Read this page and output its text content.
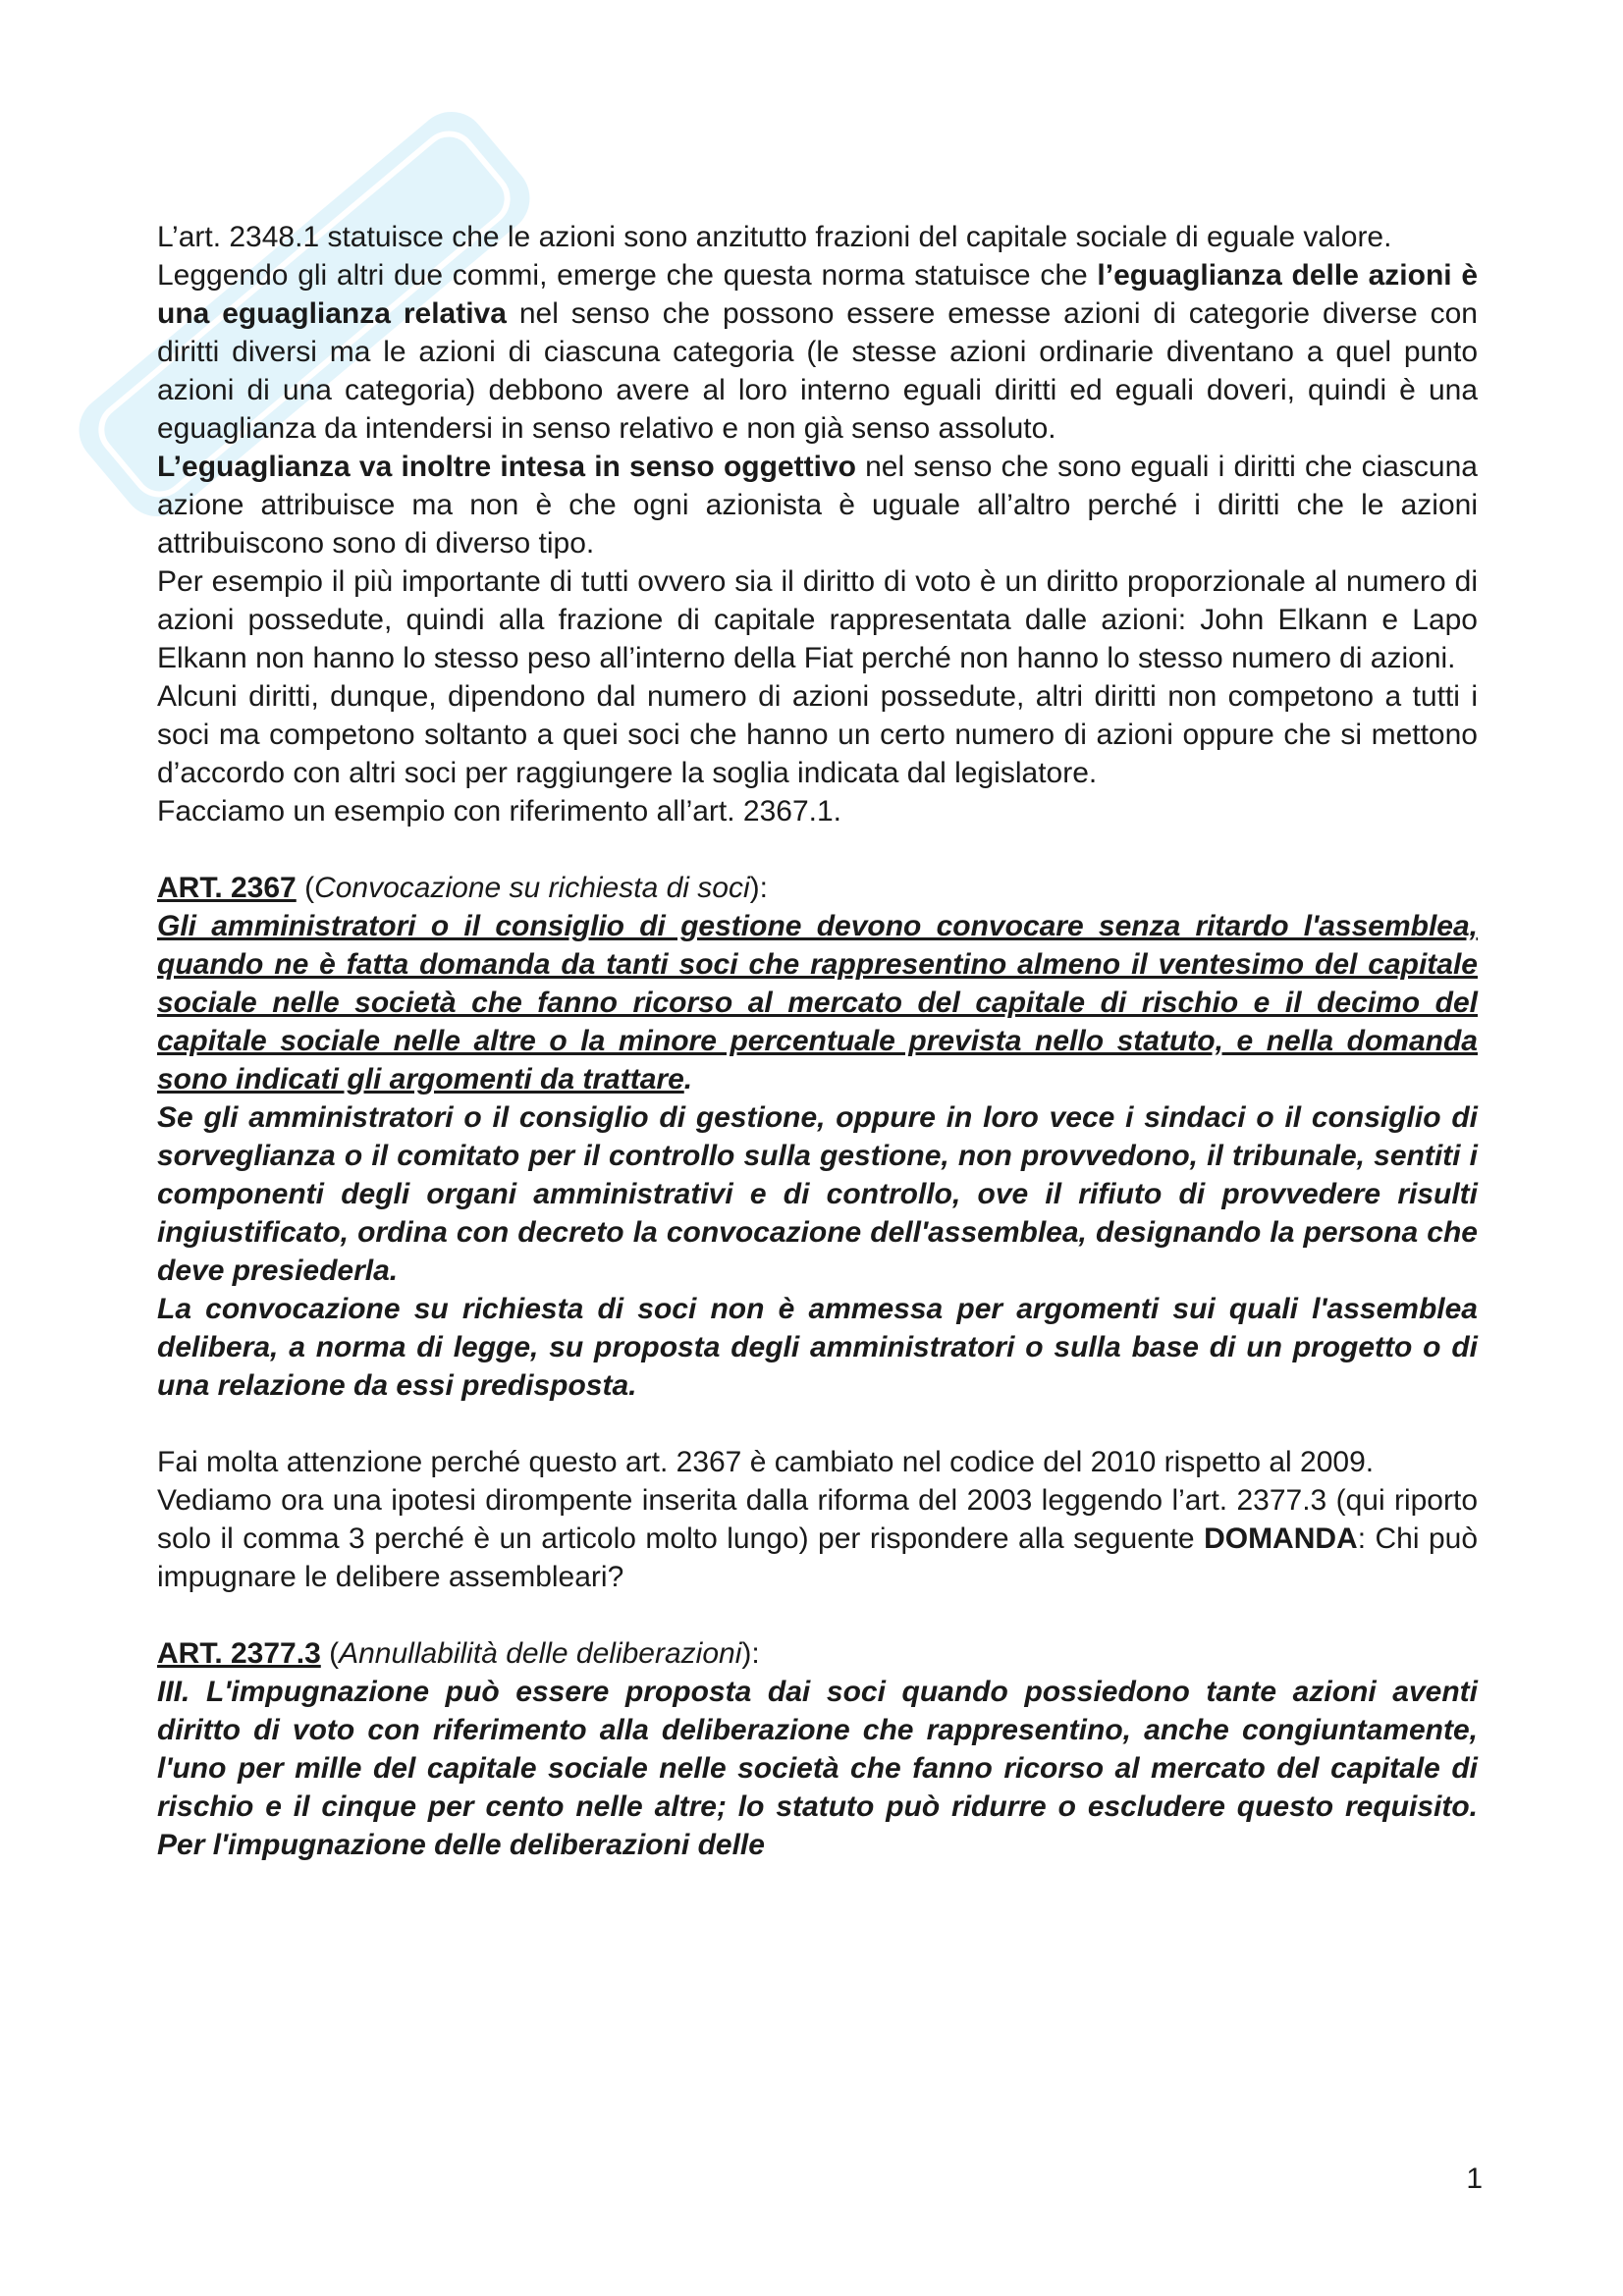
L’art. 2348.1 statuisce che le azioni sono anzitutto frazioni del capitale sociale di eguale valore.

Leggendo gli altri due commi, emerge che questa norma statuisce che l’eguaglianza delle azioni è una eguaglianza relativa nel senso che possono essere emesse azioni di categorie diverse con diritti diversi ma le azioni di ciascuna categoria (le stesse azioni ordinarie diventano a quel punto azioni di una categoria) debbono avere al loro interno eguali diritti ed eguali doveri, quindi è una eguaglianza da intendersi in senso relativo e non già senso assoluto.

L’eguaglianza va inoltre intesa in senso oggettivo nel senso che sono eguali i diritti che ciascuna azione attribuisce ma non è che ogni azionista è uguale all’altro perché i diritti che le azioni attribuiscono sono di diverso tipo.

Per esempio il più importante di tutti ovvero sia il diritto di voto è un diritto proporzionale al numero di azioni possedute, quindi alla frazione di capitale rappresentata dalle azioni: John Elkann e Lapo Elkann non hanno lo stesso peso all’interno della Fiat perché non hanno lo stesso numero di azioni.

Alcuni diritti, dunque, dipendono dal numero di azioni possedute, altri diritti non competono a tutti i soci ma competono soltanto a quei soci che hanno un certo numero di azioni oppure che si mettono d’accordo con altri soci per raggiungere la soglia indicata dal legislatore.

Facciamo un esempio con riferimento all’art. 2367.1.

ART. 2367 (Convocazione su richiesta di soci):

Gli amministratori o il consiglio di gestione devono convocare senza ritardo l'assemblea, quando ne è fatta domanda da tanti soci che rappresentino almeno il ventesimo del capitale sociale nelle società che fanno ricorso al mercato del capitale di rischio e il decimo del capitale sociale nelle altre o la minore percentuale prevista nello statuto, e nella domanda sono indicati gli argomenti da trattare.

Se gli amministratori o il consiglio di gestione, oppure in loro vece i sindaci o il consiglio di sorveglianza o il comitato per il controllo sulla gestione, non provvedono, il tribunale, sentiti i componenti degli organi amministrativi e di controllo, ove il rifiuto di provvedere risulti ingiustificato, ordina con decreto la convocazione dell'assemblea, designando la persona che deve presiederla.

La convocazione su richiesta di soci non è ammessa per argomenti sui quali l'assemblea delibera, a norma di legge, su proposta degli amministratori o sulla base di un progetto o di una relazione da essi predisposta.

Fai molta attenzione perché questo art. 2367 è cambiato nel codice del 2010 rispetto al 2009.

Vediamo ora una ipotesi dirompente inserita dalla riforma del 2003 leggendo l’art. 2377.3 (qui riporto solo il comma 3 perché è un articolo molto lungo) per rispondere alla seguente DOMANDA: Chi può impugnare le delibere assembleari?

ART. 2377.3 (Annullabilità delle deliberazioni):

III. L'impugnazione può essere proposta dai soci quando possiedono tante azioni aventi diritto di voto con riferimento alla deliberazione che rappresentino, anche congiuntamente, l'uno per mille del capitale sociale nelle società che fanno ricorso al mercato del capitale di rischio e il cinque per cento nelle altre; lo statuto può ridurre o escludere questo requisito. Per l'impugnazione delle deliberazioni delle

1
